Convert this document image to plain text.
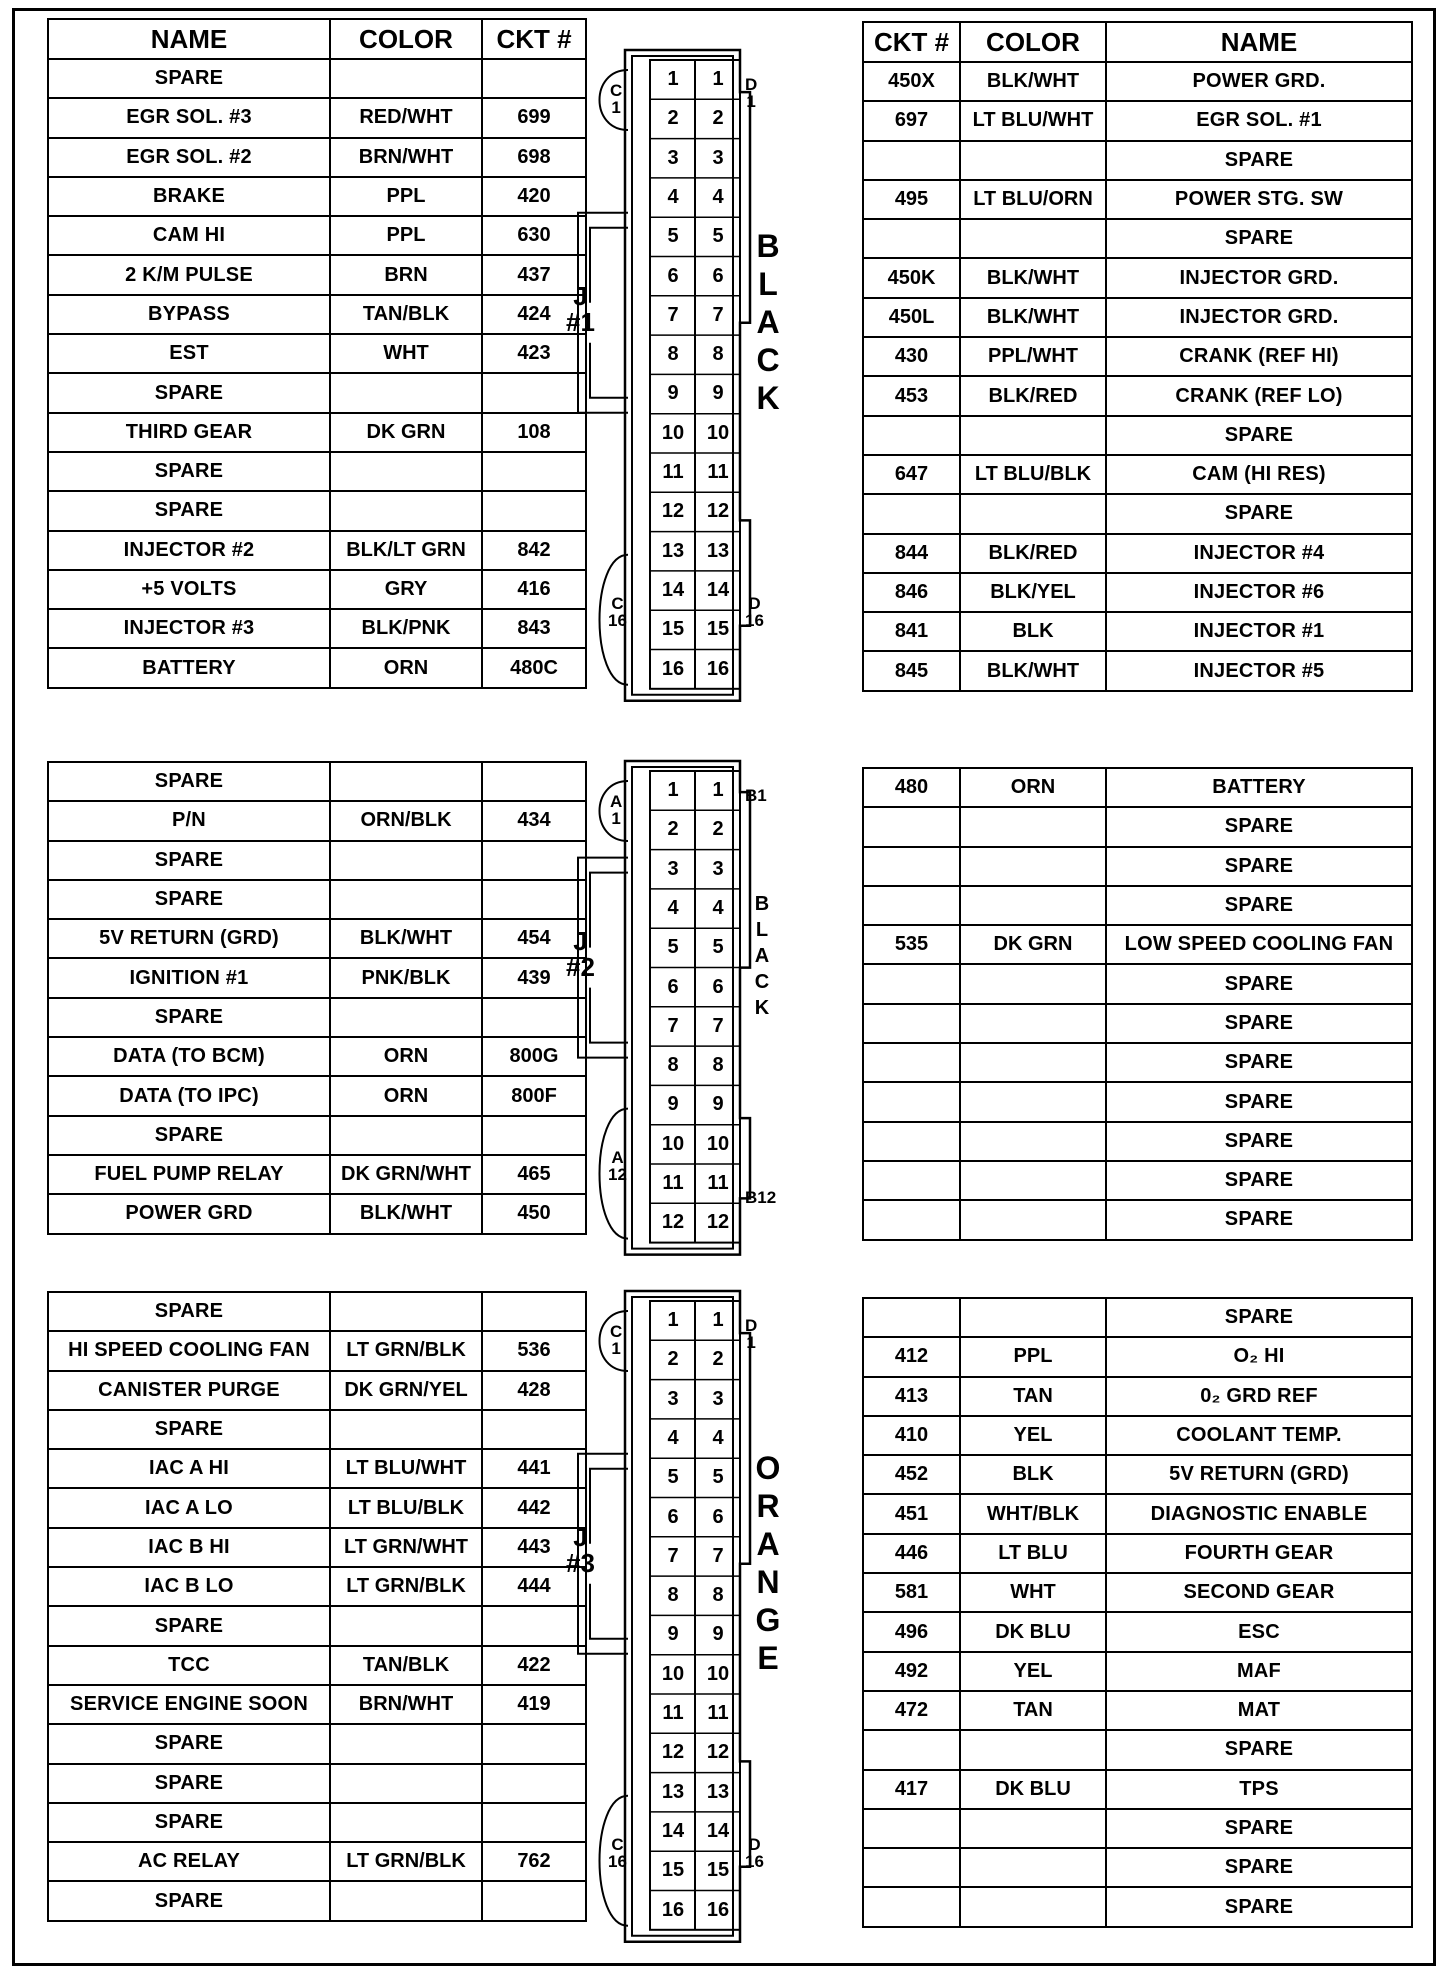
NAME	COLOR	CKT #
SPARE		
EGR SOL. #3	RED/WHT	699
EGR SOL. #2	BRN/WHT	698
BRAKE	PPL	420
CAM HI	PPL	630
2 K/M PULSE	BRN	437
BYPASS	TAN/BLK	424
EST	WHT	423
SPARE		
THIRD GEAR	DK GRN	108
SPARE		
SPARE		
INJECTOR #2	BLK/LT GRN	842
+5 VOLTS	GRY	416
INJECTOR #3	BLK/PNK	843
BATTERY	ORN	480C
CKT #	COLOR	NAME
450X	BLK/WHT	POWER GRD.
697	LT BLU/WHT	EGR SOL. #1
		SPARE
495	LT BLU/ORN	POWER STG. SW
		SPARE
450K	BLK/WHT	INJECTOR GRD.
450L	BLK/WHT	INJECTOR GRD.
430	PPL/WHT	CRANK (REF HI)
453	BLK/RED	CRANK (REF LO)
		SPARE
647	LT BLU/BLK	CAM (HI RES)
		SPARE
844	BLK/RED	INJECTOR #4
846	BLK/YEL	INJECTOR #6
841	BLK	INJECTOR #1
845	BLK/WHT	INJECTOR #5
1	1
2	2
3	3
4	4
5	5
6	6
7	7
8	8
9	9
10	10
11	11
12	12
13	13
14	14
15	15
16	16
C
1
C
16
D
1
D
16
J
#1
B
L
A
C
K
SPARE		
P/N	ORN/BLK	434
SPARE		
SPARE		
5V RETURN (GRD)	BLK/WHT	454
IGNITION #1	PNK/BLK	439
SPARE		
DATA (TO BCM)	ORN	800G
DATA (TO IPC)	ORN	800F
SPARE		
FUEL PUMP RELAY	DK GRN/WHT	465
POWER GRD	BLK/WHT	450
480	ORN	BATTERY
		SPARE
		SPARE
		SPARE
535	DK GRN	LOW SPEED COOLING FAN
		SPARE
		SPARE
		SPARE
		SPARE
		SPARE
		SPARE
		SPARE
1	1
2	2
3	3
4	4
5	5
6	6
7	7
8	8
9	9
10	10
11	11
12	12
A
1
A
12
B1
B12
J
#2
B
L
A
C
K
SPARE		
HI SPEED COOLING FAN	LT GRN/BLK	536
CANISTER PURGE	DK GRN/YEL	428
SPARE		
IAC A HI	LT BLU/WHT	441
IAC A LO	LT BLU/BLK	442
IAC B HI	LT GRN/WHT	443
IAC B LO	LT GRN/BLK	444
SPARE		
TCC	TAN/BLK	422
SERVICE ENGINE SOON	BRN/WHT	419
SPARE		
SPARE		
SPARE		
AC RELAY	LT GRN/BLK	762
SPARE		
		SPARE
412	PPL	O₂ HI
413	TAN	0₂ GRD REF
410	YEL	COOLANT TEMP.
452	BLK	5V RETURN (GRD)
451	WHT/BLK	DIAGNOSTIC ENABLE
446	LT BLU	FOURTH GEAR
581	WHT	SECOND GEAR
496	DK BLU	ESC
492	YEL	MAF
472	TAN	MAT
		SPARE
417	DK BLU	TPS
		SPARE
		SPARE
		SPARE
1	1
2	2
3	3
4	4
5	5
6	6
7	7
8	8
9	9
10	10
11	11
12	12
13	13
14	14
15	15
16	16
C
1
C
16
D
1
D
16
J
#3
O
R
A
N
G
E
